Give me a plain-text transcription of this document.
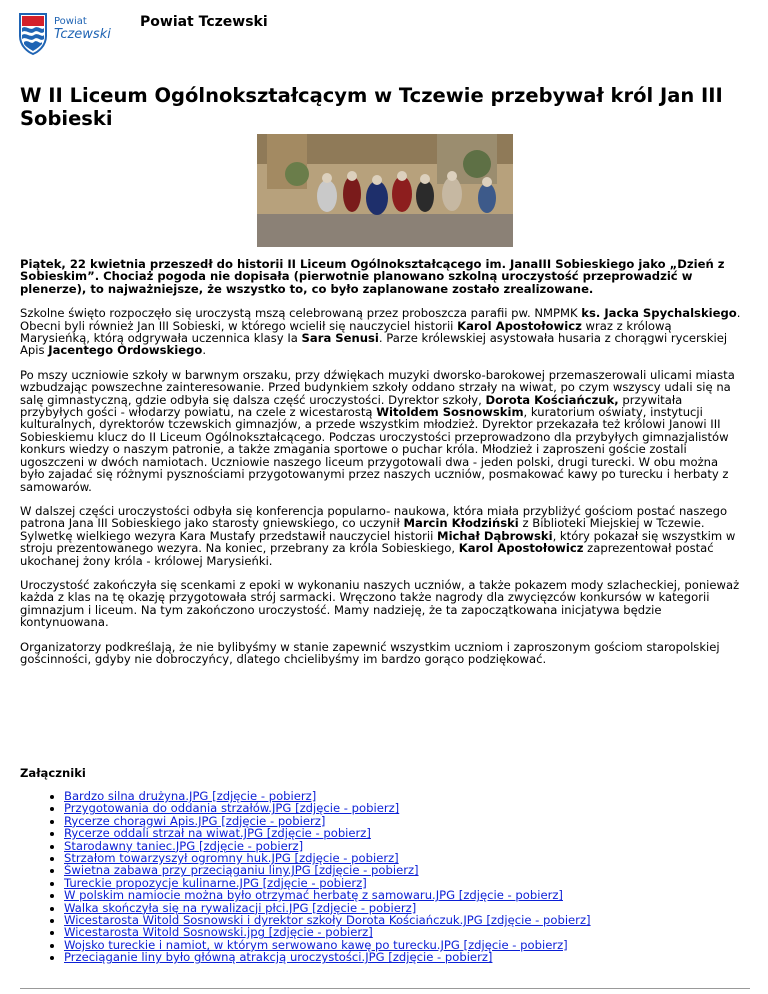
Powiat
Tczewski
Powiat Tczewski
W II Liceum Ogólnokształcącym w Tczewie przebywał król Jan III Sobieski

Piątek, 22 kwietnia przeszedł do historii II Liceum Ogólnokształcącego im. JanaIII Sobieskiego jako „Dzień z Sobieskim”. Chociaż pogoda nie dopisała (pierwotnie planowano szkolną uroczystość przeprowadzić w plenerze), to najważniejsze, że wszystko to, co było zaplanowane zostało zrealizowane.

Szkolne święto rozpoczęło się uroczystą mszą celebrowaną przez proboszcza parafii pw. NMPMK ks. Jacka Spychalskiego. Obecni byli również Jan III Sobieski, w którego wcielił się nauczyciel historii Karol Apostołowicz wraz z królową Marysieńką, którą odgrywała uczennica klasy Ia Sara Senusi. Parze królewskiej asystowała husaria z chorągwi rycerskiej Apis Jacentego Ordowskiego.

Po mszy uczniowie szkoły w barwnym orszaku, przy dźwiękach muzyki dworsko-barokowej przemaszerowali ulicami miasta wzbudzając powszechne zainteresowanie. Przed budynkiem szkoły oddano strzały na wiwat, po czym wszyscy udali się na salę gimnastyczną, gdzie odbyła się dalsza część uroczystości. Dyrektor szkoły, Dorota Kościańczuk, przywitała przybyłych gości - włodarzy powiatu, na czele z wicestarostą Witoldem Sosnowskim, kuratorium oświaty, instytucji kulturalnych, dyrektorów tczewskich gimnazjów, a przede wszystkim młodzież. Dyrektor przekazała też królowi Janowi III Sobieskiemu klucz do II Liceum Ogólnokształcącego. Podczas uroczystości przeprowadzono dla przybyłych gimnazjalistów konkurs wiedzy o naszym patronie, a także zmagania sportowe o puchar króla. Młodzież i zaproszeni goście zostali ugoszczeni w dwóch namiotach. Uczniowie naszego liceum przygotowali dwa - jeden polski, drugi turecki. W obu można było zajadać się różnymi pysznościami przygotowanymi przez naszych uczniów, posmakować kawy po turecku i herbaty z samowarów.

W dalszej części uroczystości odbyła się konferencja popularno- naukowa, która miała przybliżyć gościom postać naszego patrona Jana III Sobieskiego jako starosty gniewskiego, co uczynił Marcin Kłodziński z Biblioteki Miejskiej w Tczewie. Sylwetkę wielkiego wezyra Kara Mustafy przedstawił nauczyciel historii Michał Dąbrowski, który pokazał się wszystkim w stroju prezentowanego wezyra. Na koniec, przebrany za króla Sobieskiego, Karol Apostołowicz zaprezentował postać ukochanej żony króla - królowej Marysieńki.

Uroczystość zakończyła się scenkami z epoki w wykonaniu naszych uczniów, a także pokazem mody szlacheckiej, ponieważ każda z klas na tę okazję przygotowała strój sarmacki. Wręczono także nagrody dla zwycięzców konkursów w kategorii gimnazjum i liceum. Na tym zakończono uroczystość. Mamy nadzieję, że ta zapoczątkowana inicjatywa będzie kontynuowana.

Organizatorzy podkreślają, że nie bylibyśmy w stanie zapewnić wszystkim uczniom i zaproszonym gościom staropolskiej gościnności, gdyby nie dobroczyńcy, dlatego chcielibyśmy im bardzo gorąco podziękować.

Załączniki
• Bardzo silna drużyna.JPG [zdjęcie - pobierz]
• Przygotowania do oddania strzałów.JPG [zdjęcie - pobierz]
• Rycerze chorągwi Apis.JPG [zdjęcie - pobierz]
• Rycerze oddali strzał na wiwat.JPG [zdjęcie - pobierz]
• Starodawny taniec.JPG [zdjęcie - pobierz]
• Strzałom towarzyszył ogromny huk.JPG [zdjęcie - pobierz]
• Świetna zabawa przy przeciąganiu liny.JPG [zdjęcie - pobierz]
• Tureckie propozycje kulinarne.JPG [zdjęcie - pobierz]
• W polskim namiocie można było otrzymać herbatę z samowaru.JPG [zdjęcie - pobierz]
• Walka skończyła się na rywalizacji płci.JPG [zdjęcie - pobierz]
• Wicestarosta Witold Sosnowski i dyrektor szkoły Dorota Kościańczuk.JPG [zdjęcie - pobierz]
• Wicestarosta Witold Sosnowski.jpg [zdjęcie - pobierz]
• Wojsko tureckie i namiot, w którym serwowano kawę po turecku.JPG [zdjęcie - pobierz]
• Przeciąganie liny było główną atrakcją uroczystości.JPG [zdjęcie - pobierz]
